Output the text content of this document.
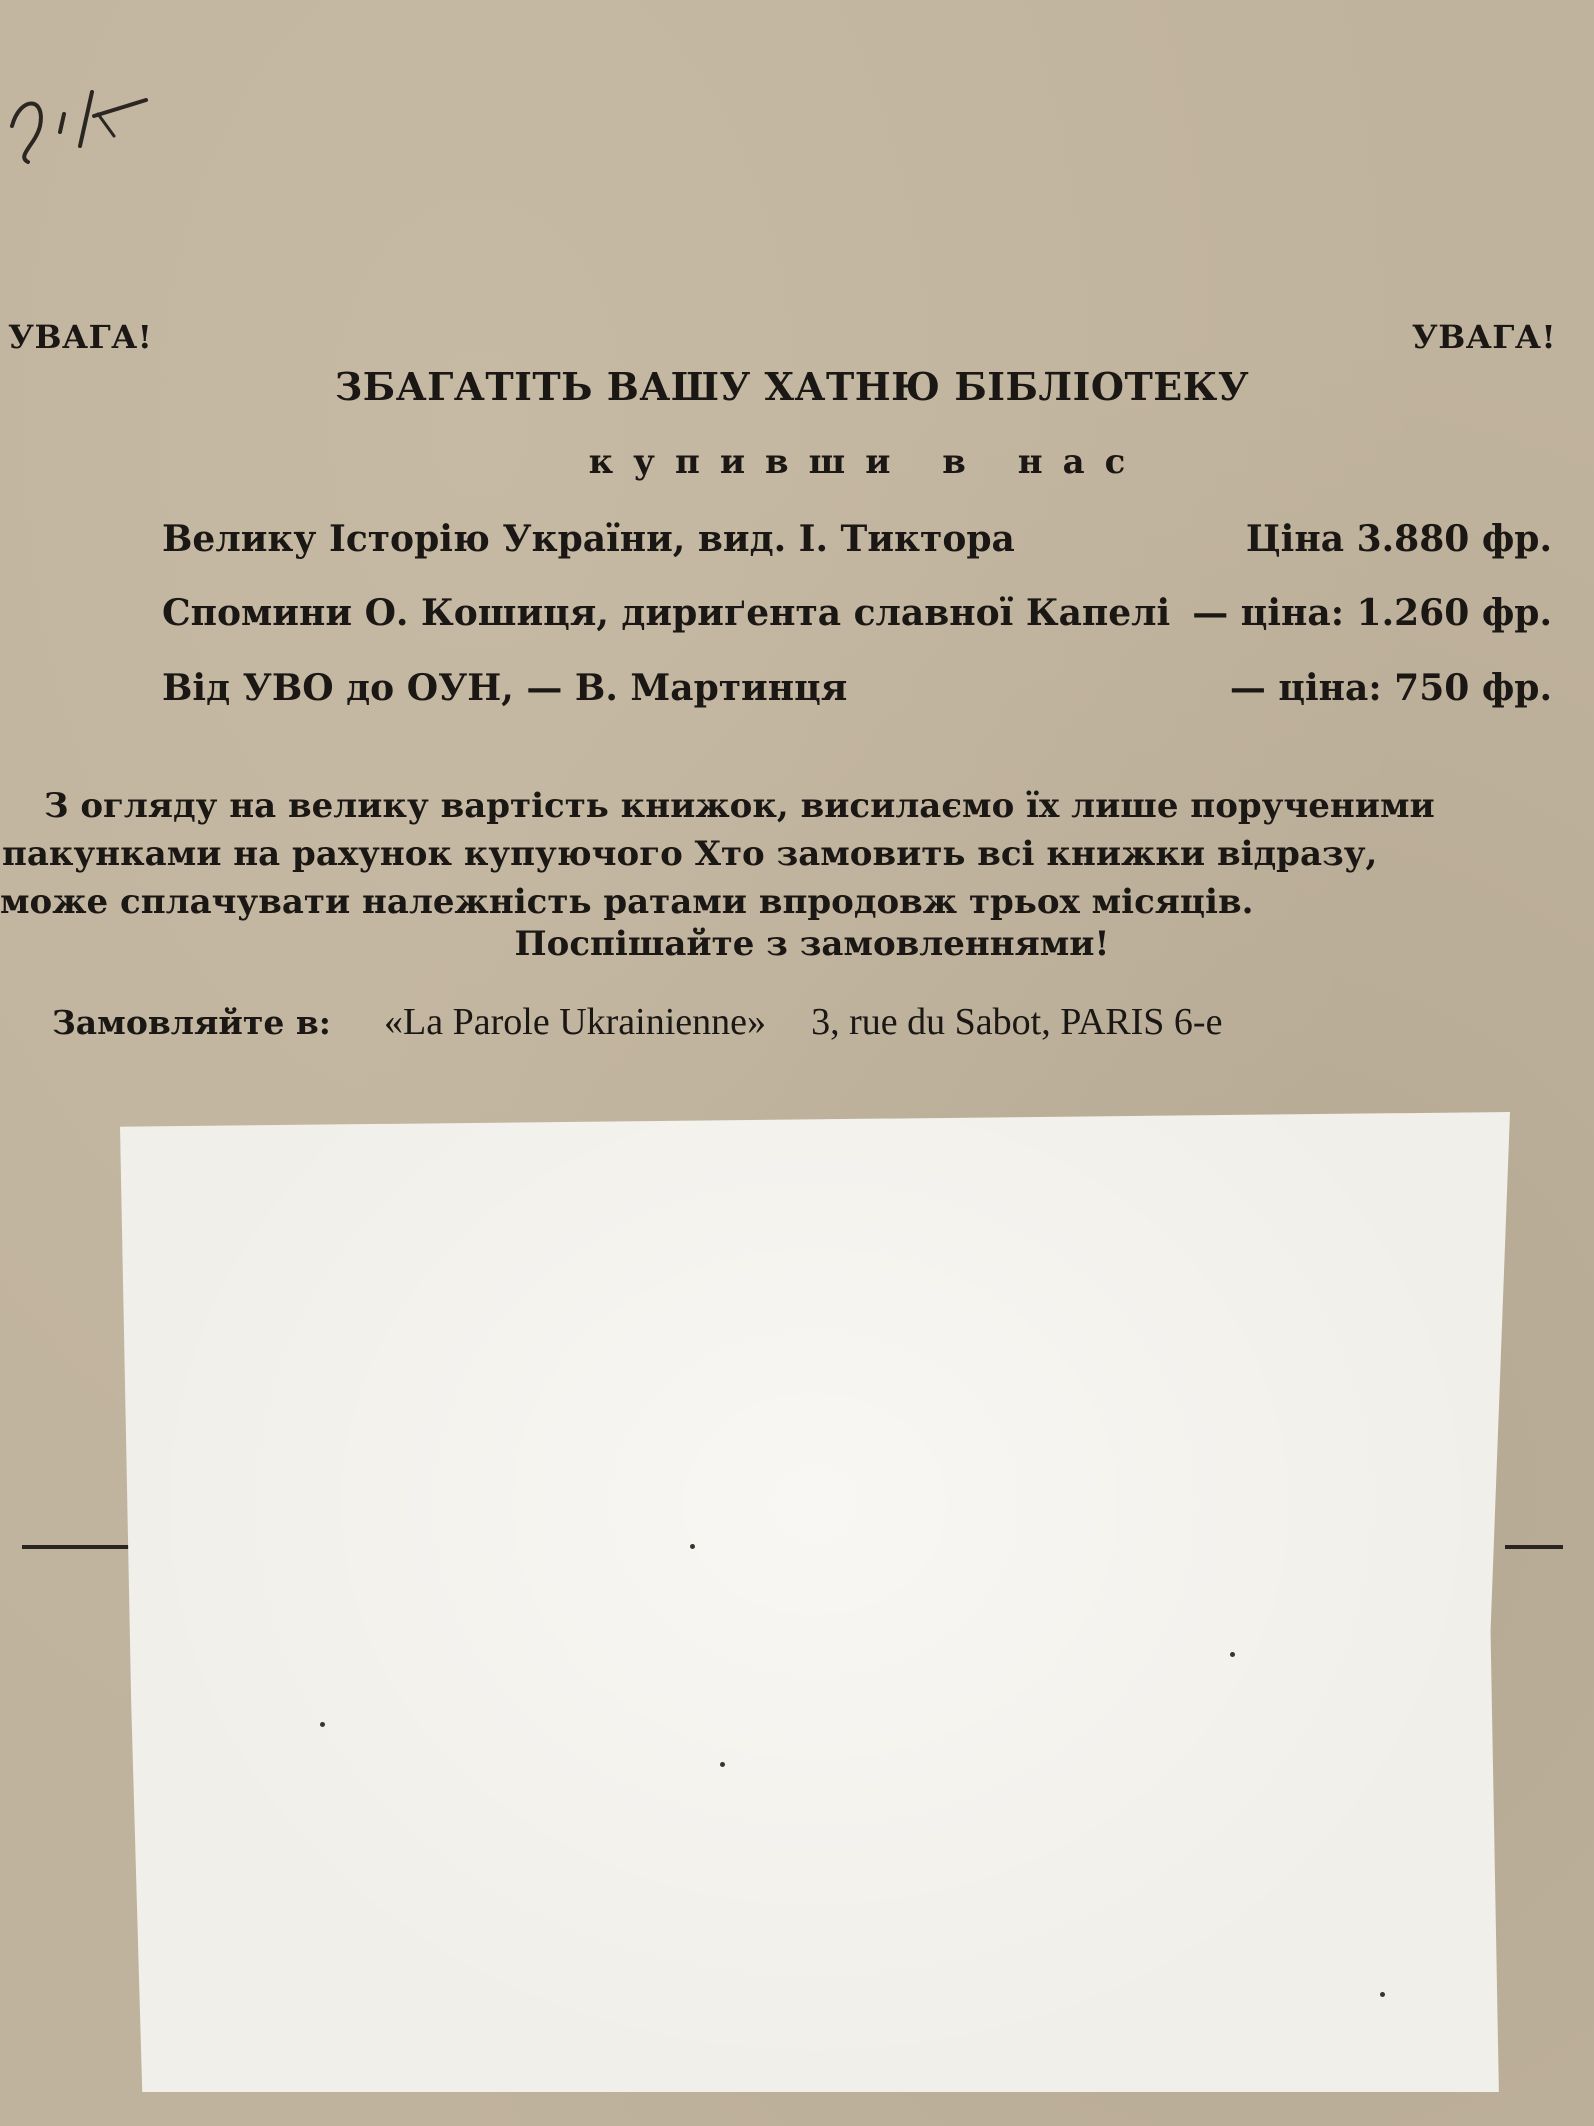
УВАГА!	УВАГА!
ЗБАГАТІТЬ ВАШУ ХАТНЮ БІБЛІОТЕКУ
купивши в нас
Велику Історію України, вид. І. Тиктора	Ціна 3.880 фр.
Спомини О. Кошиця, дириґента славної Капелі — ціна: 1.260 фр.
Від УВО до ОУН, — В. Мартинця	— ціна: 750 фр.
З огляду на велику вартість книжок, висилаємо їх лише порученими
пакунками на рахунок купуючого Хто замовить всі книжки відразу,
може сплачувати належність ратами впродовж трьох місяців.
Поспішайте з замовленнями!
Замовляйте в: «La Parole Ukrainienne» 3, rue du Sabot, PARIS 6-e
